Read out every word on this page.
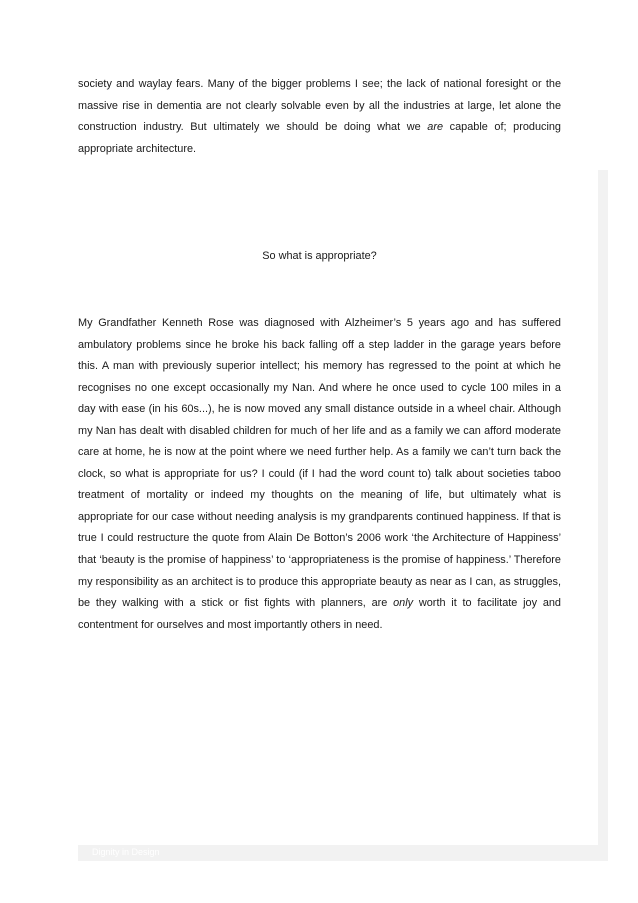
society and waylay fears. Many of the bigger problems I see; the lack of national foresight or the massive rise in dementia are not clearly solvable even by all the industries at large, let alone the construction industry. But ultimately we should be doing what we are capable of; producing appropriate architecture.

So what is appropriate?

My Grandfather Kenneth Rose was diagnosed with Alzheimer’s 5 years ago and has suffered ambulatory problems since he broke his back falling off a step ladder in the garage years before this. A man with previously superior intellect; his memory has regressed to the point at which he recognises no one except occasionally my Nan. And where he once used to cycle 100 miles in a day with ease (in his 60s...), he is now moved any small distance outside in a wheel chair. Although my Nan has dealt with disabled children for much of her life and as a family we can afford moderate care at home, he is now at the point where we need further help. As a family we can’t turn back the clock, so what is appropriate for us? I could (if I had the word count to) talk about societies taboo treatment of mortality or indeed my thoughts on the meaning of life, but ultimately what is appropriate for our case without needing analysis is my grandparents continued happiness. If that is true I could restructure the quote from Alain De Botton’s 2006 work ‘the Architecture of Happiness’ that ‘beauty is the promise of happiness’ to ‘appropriateness is the promise of happiness.’ Therefore my responsibility as an architect is to produce this appropriate beauty as near as I can, as struggles, be they walking with a stick or fist fights with planners, are only worth it to facilitate joy and contentment for ourselves and most importantly others in need.

Dignity in Design
